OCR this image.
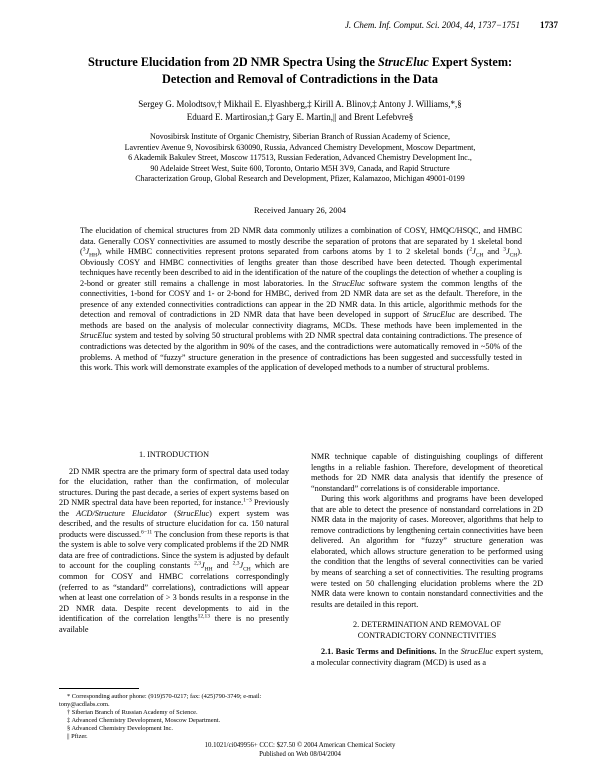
J. Chem. Inf. Comput. Sci. 2004, 44, 1737−1751 1737
Structure Elucidation from 2D NMR Spectra Using the StrucEluc Expert System:
Detection and Removal of Contradictions in the Data
Sergey G. Molodtsov,† Mikhail E. Elyashberg,‡ Kirill A. Blinov,‡ Antony J. Williams,*,§
Eduard E. Martirosian,‡ Gary E. Martin,|| and Brent Lefebvre§
Novosibirsk Institute of Organic Chemistry, Siberian Branch of Russian Academy of Science,
Lavrentiev Avenue 9, Novosibirsk 630090, Russia, Advanced Chemistry Development, Moscow Department,
6 Akademik Bakulev Street, Moscow 117513, Russian Federation, Advanced Chemistry Development Inc.,
90 Adelaide Street West, Suite 600, Toronto, Ontario M5H 3V9, Canada, and Rapid Structure
Characterization Group, Global Research and Development, Pfizer, Kalamazoo, Michigan 49001-0199
Received January 26, 2004
The elucidation of chemical structures from 2D NMR data commonly utilizes a combination of COSY, HMQC/HSQC, and HMBC data. Generally COSY connectivities are assumed to mostly describe the separation of protons that are separated by 1 skeletal bond $(^3J_{HH})$, while HMBC connectivities represent protons separated from carbons atoms by 1 to 2 skeletal bonds ($^2J_{CH}$ and $^3J_{CH}$). Obviously COSY and HMBC connectivities of lengths greater than those described have been detected. Though experimental techniques have recently been described to aid in the identification of the nature of the couplings the detection of whether a coupling is 2-bond or greater still remains a challenge in most laboratories. In the StrucEluc software system the common lengths of the connectivities, 1-bond for COSY and 1- or 2-bond for HMBC, derived from 2D NMR data are set as the default. Therefore, in the presence of any extended connectivities contradictions can appear in the 2D NMR data. In this article, algorithmic methods for the detection and removal of contradictions in 2D NMR data that have been developed in support of StrucEluc are described. The methods are based on the analysis of molecular connectivity diagrams, MCDs. These methods have been implemented in the StrucEluc system and tested by solving 50 structural problems with 2D NMR spectral data containing contradictions. The presence of contradictions was detected by the algorithm in 90% of the cases, and the contradictions were automatically removed in ~50% of the problems. A method of “fuzzy” structure generation in the presence of contradictions has been suggested and successfully tested in this work. This work will demonstrate examples of the application of developed methods to a number of structural problems.
1. INTRODUCTION

2D NMR spectra are the primary form of spectral data used today for the elucidation, rather than the confirmation, of molecular structures. During the past decade, a series of expert systems based on 2D NMR spectral data have been reported, for instance.$^{1-3}$ Previously the ACD/Structure Elucidator (StrucEluc) expert system was described, and the results of structure elucidation for ca. 150 natural products were discussed.$^{6-11}$ The conclusion from these reports is that the system is able to solve very complicated problems if the 2D NMR data are free of contradictions. Since the system is adjusted by default to account for the coupling constants $^{2,3}J_{HH}$ and $^{2,3}J_{CH}$ which are common for COSY and HMBC correlations correspondingly (referred to as “standard” correlations), contradictions will appear when at least one correlation of > 3 bonds results in a response in the 2D NMR data. Despite recent developments to aid in the identification of the correlation lengths$^{12,13}$ there is no presently available

NMR technique capable of distinguishing couplings of different lengths in a reliable fashion. Therefore, development of theoretical methods for 2D NMR data analysis that identify the presence of “nonstandard” correlations is of considerable importance.

During this work algorithms and programs have been developed that are able to detect the presence of nonstandard correlations in 2D NMR data in the majority of cases. Moreover, algorithms that help to remove contradictions by lengthening certain connectivities have been delivered. An algorithm for “fuzzy” structure generation was elaborated, which allows structure generation to be performed using the condition that the lengths of several connectivities can be varied by means of searching a set of connectivities. The resulting programs were tested on 50 challenging elucidation problems where the 2D NMR data were known to contain nonstandard connectivities and the results are detailed in this report.

2. DETERMINATION AND REMOVAL OF
CONTRADICTORY CONNECTIVITIES

2.1. Basic Terms and Definitions. In the StrucEluc expert system, a molecular connectivity diagram (MCD) is used as a

* Corresponding author phone: (919)570-0217; fax: (425)790-3749; e-mail: tony@acdlabs.com.
† Siberian Branch of Russian Academy of Science.
‡ Advanced Chemistry Development, Moscow Department.
§ Advanced Chemistry Development Inc.
|| Pfizer.
10.1021/ci049956+ CCC: $27.50 © 2004 American Chemical Society
Published on Web 08/04/2004
